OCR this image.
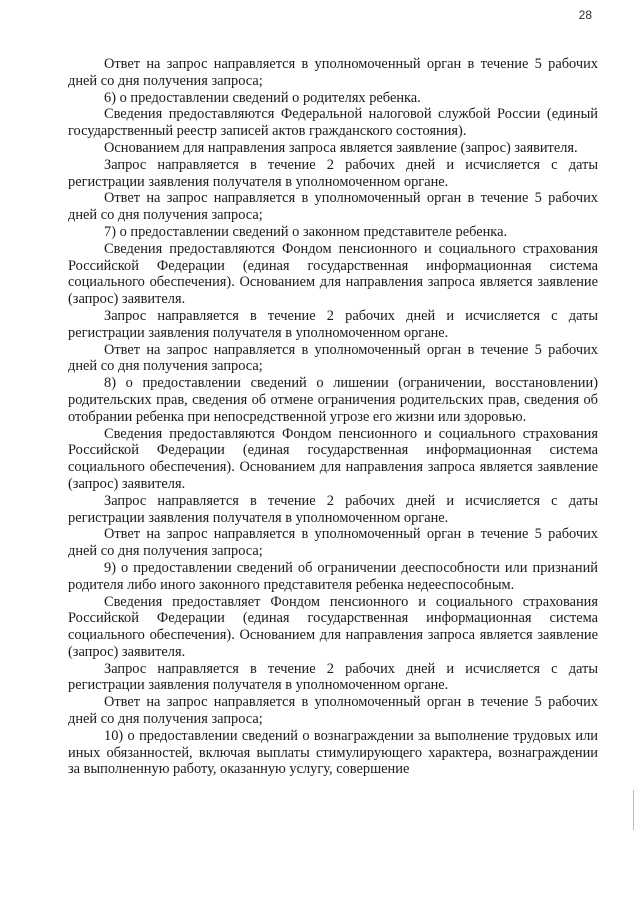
28

Ответ на запрос направляется в уполномоченный орган в течение 5 рабочих дней со дня получения запроса;

6) о предоставлении сведений о родителях ребенка.

Сведения предоставляются Федеральной налоговой службой России (единый государственный реестр записей актов гражданского состояния).

Основанием для направления запроса является заявление (запрос) заявителя.

Запрос направляется в течение 2 рабочих дней и исчисляется с даты регистрации заявления получателя в уполномоченном органе.

Ответ на запрос направляется в уполномоченный орган в течение 5 рабочих дней со дня получения запроса;

7) о предоставлении сведений о законном представителе ребенка.

Сведения предоставляются Фондом пенсионного и социального страхования Российской Федерации (единая государственная информационная система социального обеспечения). Основанием для направления запроса является заявление (запрос) заявителя.

Запрос направляется в течение 2 рабочих дней и исчисляется с даты регистрации заявления получателя в уполномоченном органе.

Ответ на запрос направляется в уполномоченный орган в течение 5 рабочих дней со дня получения запроса;

8) о предоставлении сведений о лишении (ограничении, восстановлении) родительских прав, сведения об отмене ограничения родительских прав, сведения об отобрании ребенка при непосредственной угрозе его жизни или здоровью.

Сведения предоставляются Фондом пенсионного и социального страхования Российской Федерации (единая государственная информационная система социального обеспечения). Основанием для направления запроса является заявление (запрос) заявителя.

Запрос направляется в течение 2 рабочих дней и исчисляется с даты регистрации заявления получателя в уполномоченном органе.

Ответ на запрос направляется в уполномоченный орган в течение 5 рабочих дней со дня получения запроса;

9) о предоставлении сведений об ограничении дееспособности или признаний родителя либо иного законного представителя ребенка недееспособным.

Сведения предоставляет Фондом пенсионного и социального страхования Российской Федерации (единая государственная информационная система социального обеспечения). Основанием для направления запроса является заявление (запрос) заявителя.

Запрос направляется в течение 2 рабочих дней и исчисляется с даты регистрации заявления получателя в уполномоченном органе.

Ответ на запрос направляется в уполномоченный орган в течение 5 рабочих дней со дня получения запроса;

10) о предоставлении сведений о вознаграждении за выполнение трудовых или иных обязанностей, включая выплаты стимулирующего характера, вознаграждении за выполненную работу, оказанную услугу, совершение
